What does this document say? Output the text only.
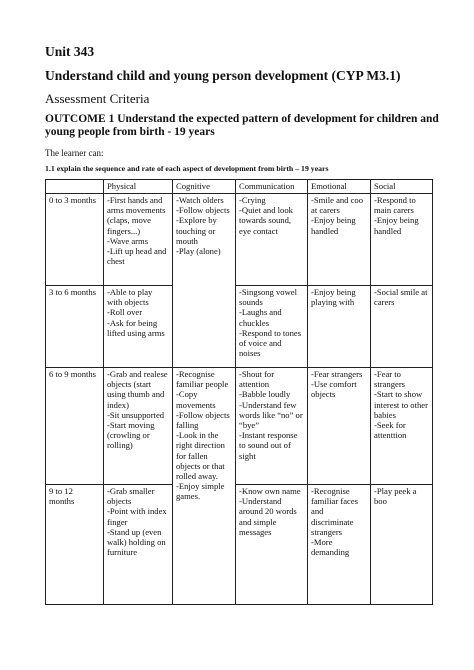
Unit 343

Understand child and young person development (CYP M3.1)

Assessment Criteria

OUTCOME 1 Understand the expected pattern of development for children and young people from birth - 19 years

The learner can:

1.1 explain the sequence and rate of each aspect of development from birth – 19 years

	Physical	Cognitive	Communication	Emotional	Social
0 to 3 months	-First hands and arms movements (claps, move fingers...)
-Wave arms
-Lift up head and chest	-Watch olders
-Follow objects
-Explore by touching or mouth
-Play (alone)	-Crying
-Quiet and look towards sound, eye contact	-Smile and coo at carers
-Enjoy being handled	-Respond to main carers
-Enjoy being handled
3 to 6 months	-Able to play with objects
-Roll over
-Ask for being lifted using arms		-Singsong vowel sounds
-Laughs and chuckles
-Respond to tones of voice and noises	-Enjoy being playing with	-Social smile at carers
6 to 9 months	-Grab and realese objects (start using thumb and index)
-Sit unsupported
-Start moving (crowling or rolling)	-Recognise familiar people
-Copy movements
-Follow objects falling
-Look in the right direction for fallen objects or that rolled away.
-Enjoy simple games.	-Shout for attention
-Babble loudly
-Understand few words like “no” or “bye”
-Instant response to sound out of sight	-Fear strangers
-Use comfort objects	-Fear to strangers
-Start to show interest to other babies
-Seek for attenttion
9 to 12 months	-Grab smaller objects
-Point with index finger
-Stand up (even walk) holding on furniture		-Know own name
-Understand around 20 words and simple messages	-Recognise familiar faces and discriminate strangers
-More demanding	-Play peek a boo
